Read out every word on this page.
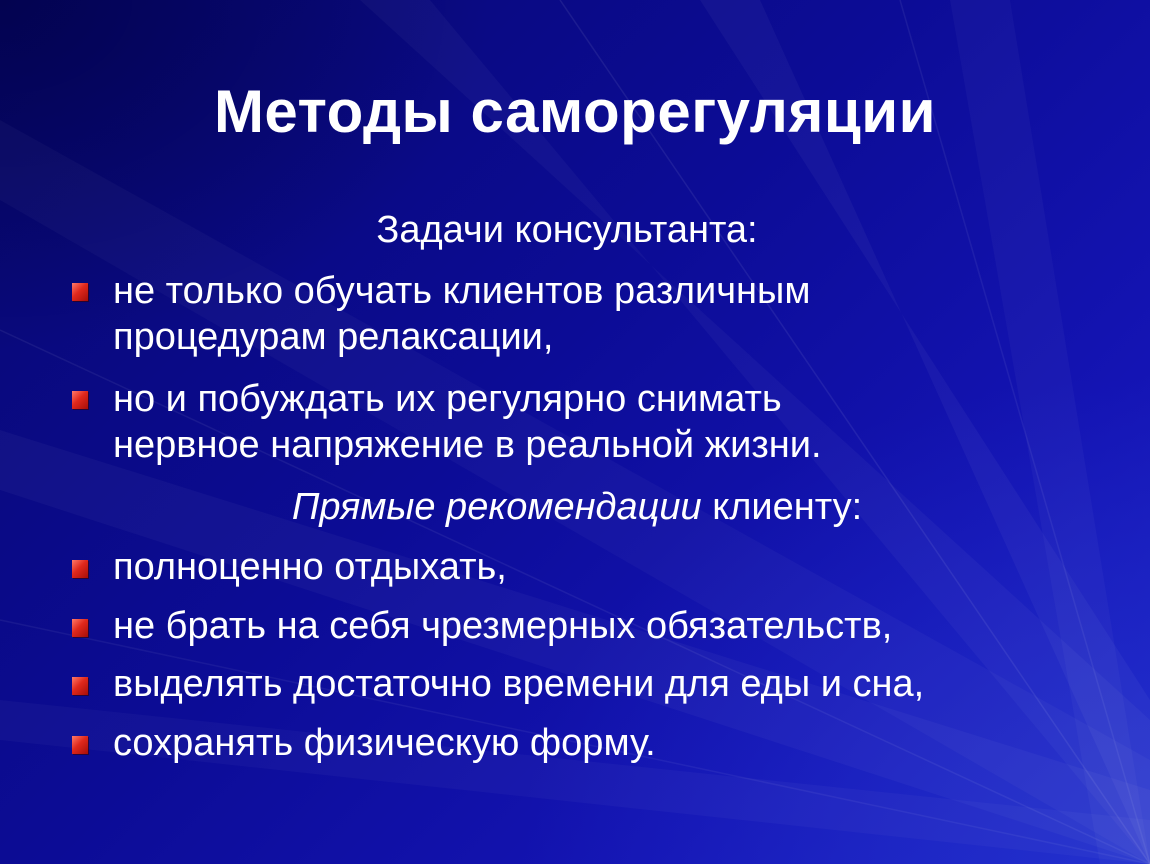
Методы саморегуляции
Задачи консультанта:
не только обучать клиентов различным
процедурам релаксации,
но и побуждать их регулярно снимать
нервное напряжение в реальной жизни.
Прямые рекомендации клиенту:
полноценно отдыхать,
не брать на себя чрезмерных обязательств,
выделять достаточно времени для еды и сна,
сохранять физическую форму.
